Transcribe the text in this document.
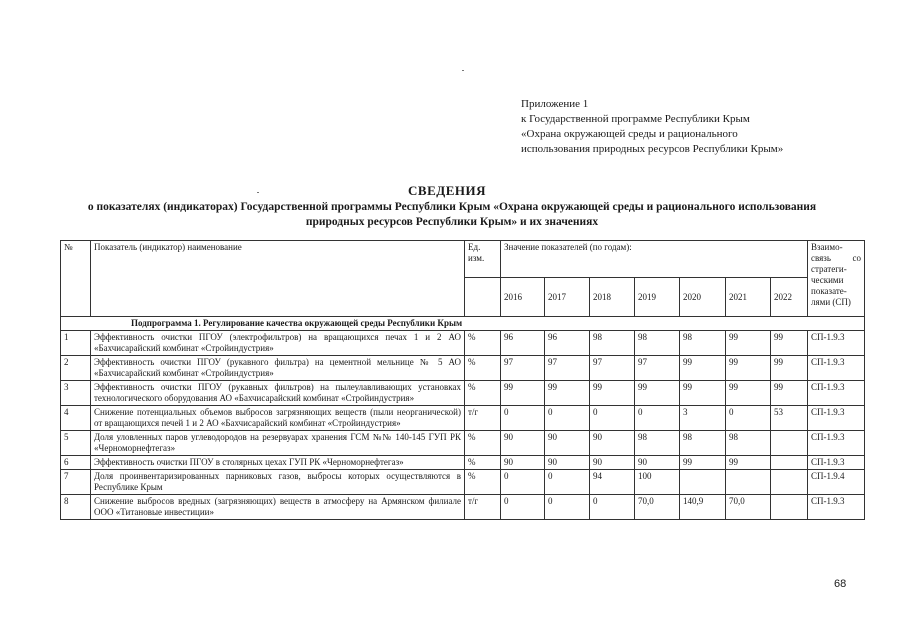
Приложение 1
к Государственной программе Республики Крым
«Охрана окружающей среды и рационального
использования природных ресурсов Республики Крым»
СВЕДЕНИЯ
о показателях (индикаторах) Государственной программы Республики Крым «Охрана окружающей среды и рационального использования природных ресурсов Республики Крым» и их значениях
№	Показатель (индикатор) наименование	Ед. изм.	Значение показателей (по годам):							Взаимо-связь со стратеги-ческими показате-лями (СП)
			2016	2017	2018	2019	2020	2021	2022	
Подпрограмма 1. Регулирование качества окружающей среды Республики Крым										
1	Эффективность очистки ПГОУ (электрофильтров) на вращающихся печах 1 и 2 АО «Бахчисарайский комбинат «Стройиндустрия»	%	96	96	98	98	98	99	99	СП-1.9.3
2	Эффективность очистки ПГОУ (рукавного фильтра) на цементной мельнице № 5 АО «Бахчисарайский комбинат «Стройиндустрия»	%	97	97	97	97	99	99	99	СП-1.9.3
3	Эффективность очистки ПГОУ (рукавных фильтров) на пылеулавливающих установках технологического оборудования АО «Бахчисарайский комбинат «Стройиндустрия»	%	99	99	99	99	99	99	99	СП-1.9.3
4	Снижение потенциальных объемов выбросов загрязняющих веществ (пыли неорганической) от вращающихся печей 1 и 2 АО «Бахчисарайский комбинат «Стройиндустрия»	т/г	0	0	0	0	3	0	53	СП-1.9.3
5	Доля уловленных паров углеводородов на резервуарах хранения ГСМ №№ 140-145 ГУП РК «Черноморнефтегаз»	%	90	90	90	98	98	98		СП-1.9.3
6	Эффективность очистки ПГОУ в столярных цехах ГУП РК «Черноморнефтегаз»	%	90	90	90	90	99	99		СП-1.9.3
7	Доля проинвентаризированных парниковых газов, выбросы которых осуществляются в Республике Крым	%	0	0	94	100				СП-1.9.4
8	Снижение выбросов вредных (загрязняющих) веществ в атмосферу на Армянском филиале ООО «Титановые инвестиции»	т/г	0	0	0	70,0	140,9	70,0		СП-1.9.3
68
